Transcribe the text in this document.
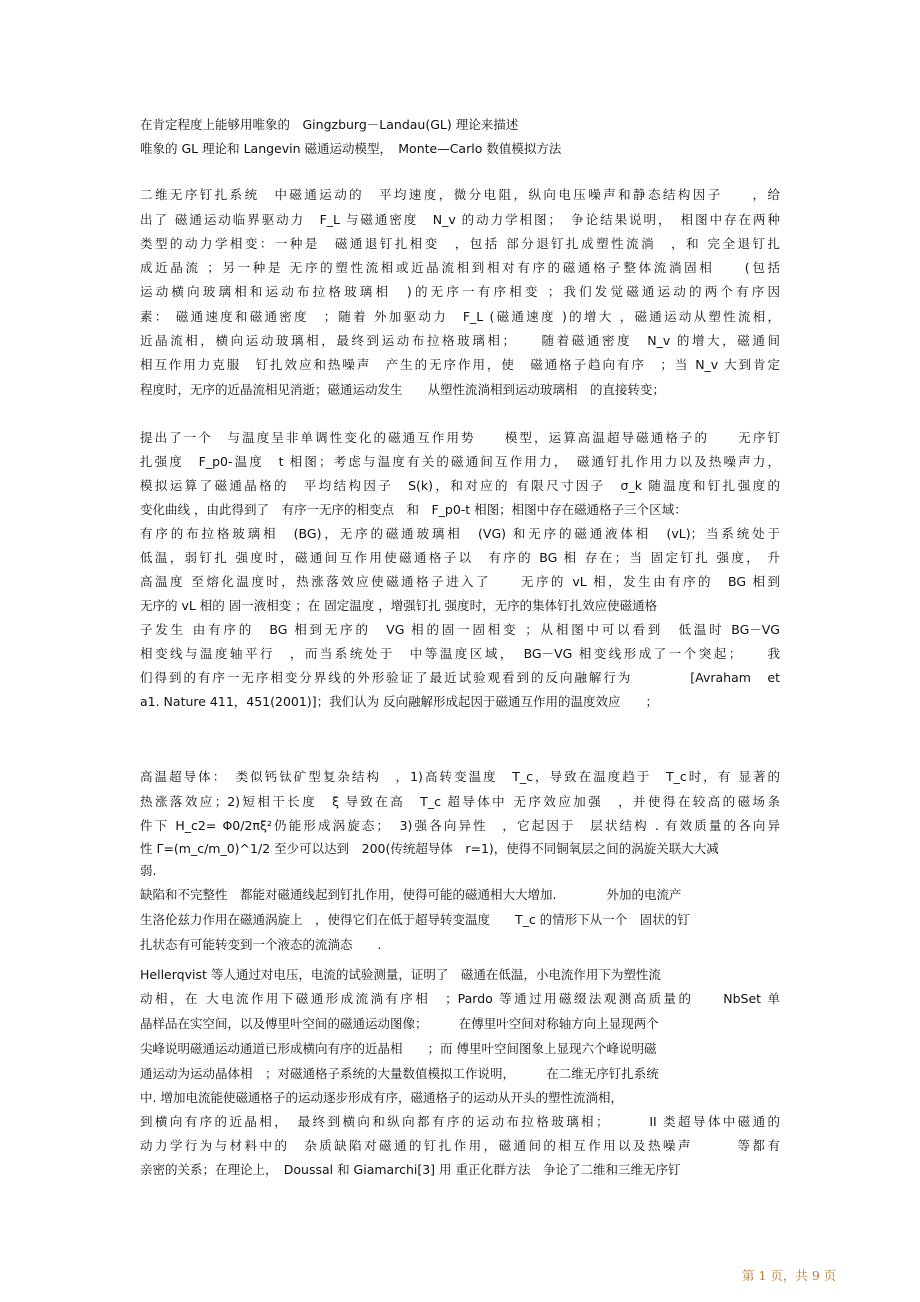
在肯定程度上能够用唯象的　Gingzburg－Landau(GL) 理论来描述
唯象的 GL 理论和 Langevin 磁通运动模型，　Monte—Carlo 数值模拟方法
二维无序钉扎系统　中磁通运动的　平均速度，微分电阻，纵向电压噪声和静态结构因子　　，给
出了 磁通运动临界驱动力　F_L 与磁通密度　N_v 的动力学相图；　争论结果说明，　相图中存在两种
类型的动力学相变：一种是　磁通退钉扎相变　，包括 部分退钉扎成塑性流淌　，和 完全退钉扎
成近晶流 ；另一种是 无序的塑性流相或近晶流相到相对有序的磁通格子整体流淌固相　　(包括
运动横向玻璃相和运动布拉格玻璃相　)的无序一有序相变 ；我们发觉磁通运动的两个有序因
素： 磁通速度和磁通密度　；随着 外加驱动力　F_L (磁通速度 )的增大 ，磁通运动从塑性流相，
近晶流相，横向运动玻璃相，最终到运动布拉格玻璃相；　　随着磁通密度　N_v 的增大，磁通间
相互作用力克服　钉扎效应和热噪声　产生的无序作用，使　磁通格子趋向有序　；当 N_v 大到肯定
程度时，无序的近晶流相见消逝；磁通运动发生　　从塑性流淌相到运动玻璃相　的直接转变；
提出了一个　与温度呈非单调性变化的磁通互作用势　　模型，运算高温超导磁通格子的　　无序钉
扎强度　F_p0-温度　t 相图；考虑与温度有关的磁通间互作用力，　磁通钉扎作用力以及热噪声力，
模拟运算了磁通晶格的　平均结构因子　S(k)，和对应的 有限尺寸因子　σ_k 随温度和钉扎强度的
变化曲线 ，由此得到了　有序一无序的相变点　和　F_p0-t 相图；相图中存在磁通格子三个区域：
有序的布拉格玻璃相　(BG)，无序的磁通玻璃相　(VG) 和无序的磁通液体相　(vL)；当系统处于
低温，弱钉扎 强度时，磁通间互作用使磁通格子以　有序的 BG 相 存在；当 固定钉扎 强度， 升
高温度 至熔化温度时，热涨落效应使磁通格子进入了　　无序的 vL 相，发生由有序的　BG 相到
无序的 vL 相的 固一液相变 ；在 固定温度 ，增强钉扎 强度时，无序的集体钉扎效应使磁通格
子发生 由有序的　BG 相到无序的　VG 相的固一固相变 ；从相图中可以看到　低温时 BG－VG
相变线与温度轴平行　，而当系统处于　中等温度区域，　BG－VG 相变线形成了一个突起；　　我
们得到的有序一无序相变分界线的外形验证了最近试验观看到的反向融解行为　　　　[Avraham　et
a1. Nature 411，451(2001)]；我们认为 反向融解形成起因于磁通互作用的温度效应　　；
高温超导体：　类似钙钛矿型复杂结构　，1)高转变温度　T_c，导致在温度趋于　T_c时，有 显著的
热涨落效应；2)短相干长度　ξ 导致在高　T_c 超导体中 无序效应加强　，并使得在较高的磁场条
件下 H_c2= Φ0/2πξ²仍能形成涡旋态；　3)强各向异性　，它起因于　层状结构 . 有效质量的各向异
性 Γ=(m_c/m_0)^1/2 至少可以达到　200(传统超导体　r=1)，使得不同铜氧层之间的涡旋关联大大减
弱.
缺陷和不完整性　都能对磁通线起到钉扎作用，使得可能的磁通相大大增加.　　　　外加的电流产
生洛伦兹力作用在磁通涡旋上　，使得它们在低于超导转变温度　　T_c 的情形下从一个　固状的钉
扎状态有可能转变到一个液态的流淌态　　.
Hellerqvist 等人通过对电压，电流的试验测量，证明了　磁通在低温，小电流作用下为塑性流
动相，在 大电流作用下磁通形成流淌有序相　；Pardo 等通过用磁缀法观测高质量的　　NbSet 单
晶样品在实空间，以及傅里叶空间的磁通运动图像；　　　在傅里叶空间对称轴方向上显现两个
尖峰说明磁通运动通道已形成横向有序的近晶相　　；而 傅里叶空间图象上显现六个峰说明磁
通运动为运动晶体相　；对磁通格子系统的大量数值模拟工作说明，　　　在二维无序钉扎系统
中. 增加电流能使磁通格子的运动逐步形成有序，磁通格子的运动从开头的塑性流淌相，
到横向有序的近晶相，　最终到横向和纵向都有序的运动布拉格玻璃相；　　　II 类超导体中磁通的
动力学行为与材料中的　杂质缺陷对磁通的钉扎作用，磁通间的相互作用以及热噪声　　　等都有
亲密的关系；在理论上，　Doussal 和 Giamarchi[3] 用 重正化群方法　争论了二维和三维无序钉
第 1 页，共 9 页
